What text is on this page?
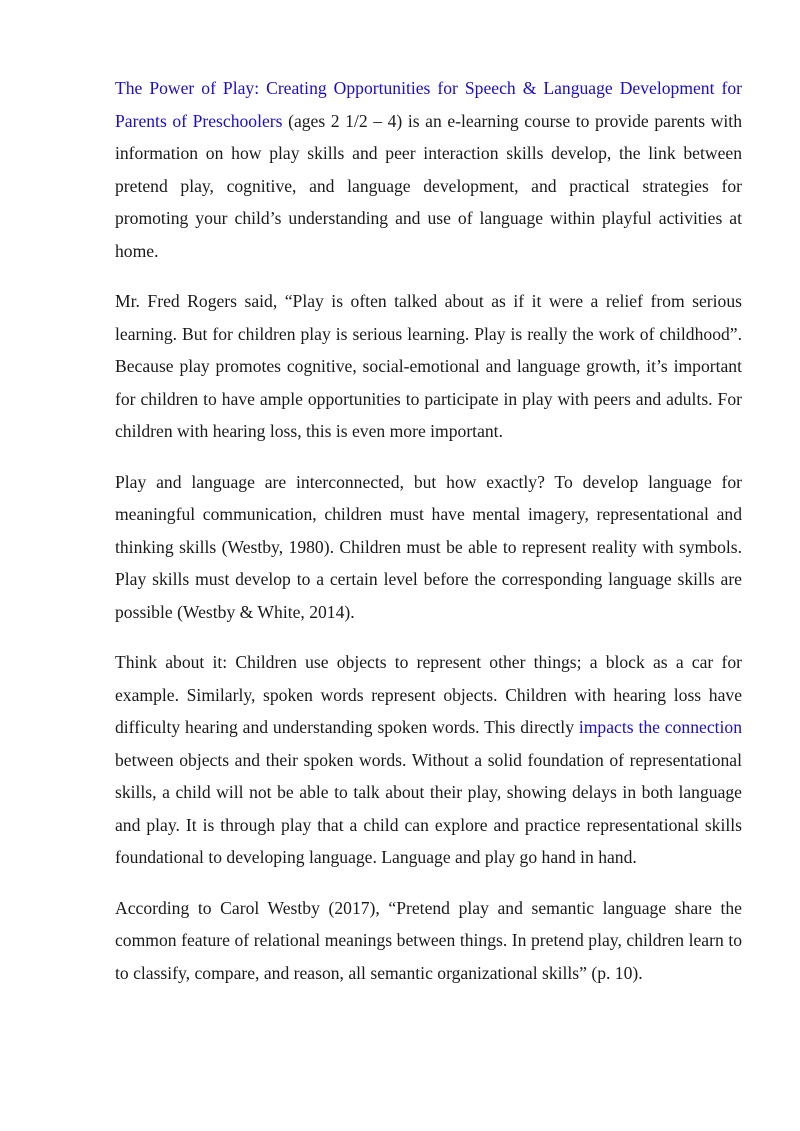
The Power of Play: Creating Opportunities for Speech & Language Development for Parents of Preschoolers (ages 2 1/2 – 4) is an e-learning course to provide parents with information on how play skills and peer interaction skills develop, the link between pretend play, cognitive, and language development, and practical strategies for promoting your child’s understanding and use of language within playful activities at home.

Mr. Fred Rogers said, “Play is often talked about as if it were a relief from serious learning. But for children play is serious learning. Play is really the work of childhood”. Because play promotes cognitive, social-emotional and language growth, it’s important for children to have ample opportunities to participate in play with peers and adults. For children with hearing loss, this is even more important.

Play and language are interconnected, but how exactly? To develop language for meaningful communication, children must have mental imagery, representational and thinking skills (Westby, 1980). Children must be able to represent reality with symbols. Play skills must develop to a certain level before the corresponding language skills are possible (Westby & White, 2014).

Think about it: Children use objects to represent other things; a block as a car for example. Similarly, spoken words represent objects. Children with hearing loss have difficulty hearing and understanding spoken words. This directly impacts the connection between objects and their spoken words. Without a solid foundation of representational skills, a child will not be able to talk about their play, showing delays in both language and play. It is through play that a child can explore and practice representational skills foundational to developing language. Language and play go hand in hand.

According to Carol Westby (2017), “Pretend play and semantic language share the common feature of relational meanings between things. In pretend play, children learn to to classify, compare, and reason, all semantic organizational skills” (p. 10).
